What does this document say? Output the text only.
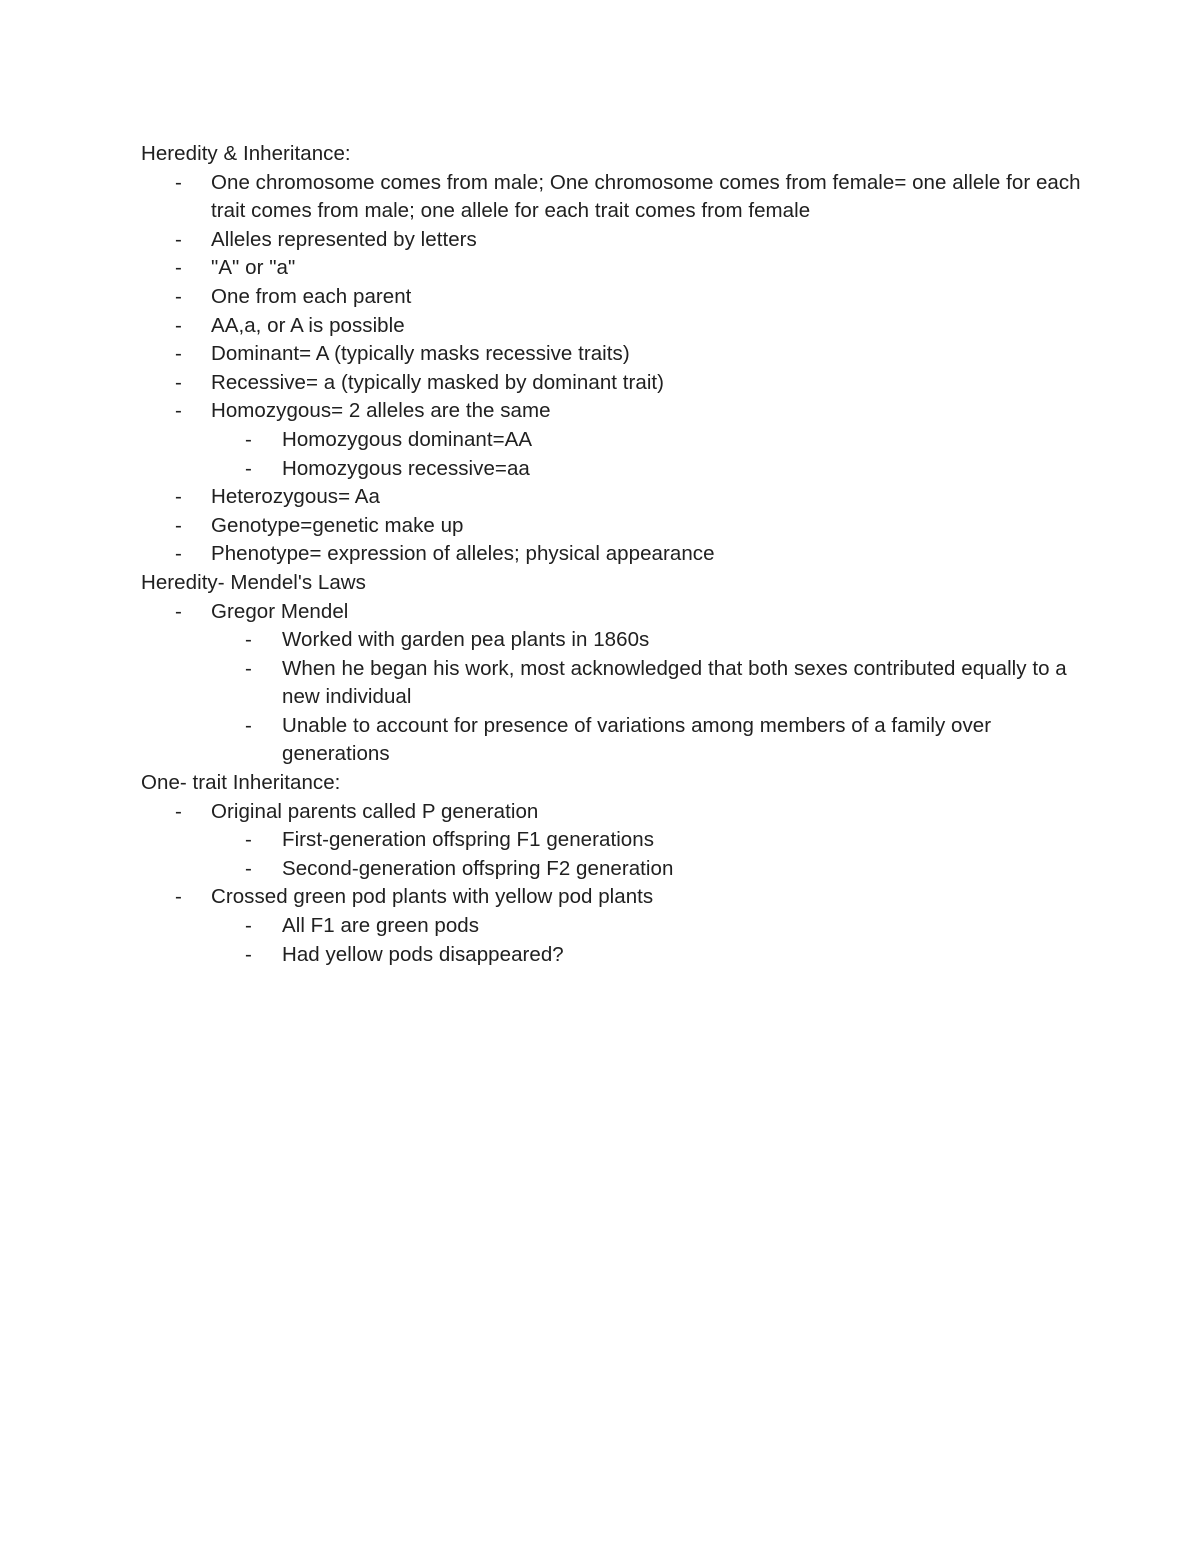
Heredity & Inheritance:
-	One chromosome comes from male; One chromosome comes from female= one allele for each trait comes from male; one allele for each trait comes from female
-	Alleles represented by letters
-	"A" or "a"
-	One from each parent
-	AA,a, or A is possible
-	Dominant= A (typically masks recessive traits)
-	Recessive= a (typically masked by dominant trait)
-	Homozygous= 2 alleles are the same
-	Homozygous dominant=AA
-	Homozygous recessive=aa
-	Heterozygous= Aa
-	Genotype=genetic make up
-	Phenotype= expression of alleles; physical appearance
Heredity- Mendel's Laws
-	Gregor Mendel
-	Worked with garden pea plants in 1860s
-	When he began his work, most acknowledged that both sexes contributed equally to a new individual
-	Unable to account for presence of variations among members of a family over generations
One- trait Inheritance:
-	Original parents called P generation
-	First-generation offspring F1 generations
-	Second-generation offspring F2 generation
-	Crossed green pod plants with yellow pod plants
-	All F1 are green pods
-	Had yellow pods disappeared?
